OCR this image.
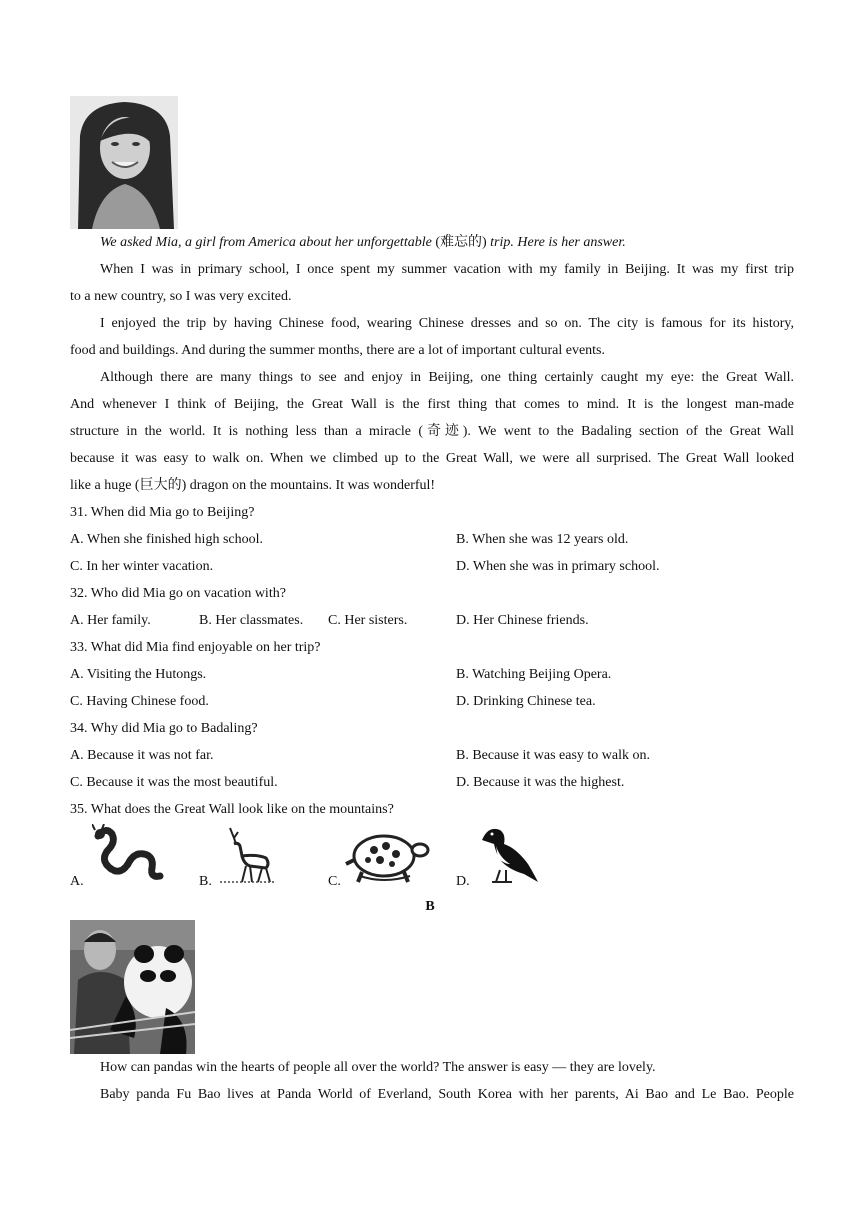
We asked Mia, a girl from America about her unforgettable (难忘的) trip. Here is her answer.
When I was in primary school, I once spent my summer vacation with my family in Beijing. It was my first trip
to a new country, so I was very excited.
I enjoyed the trip by having Chinese food, wearing Chinese dresses and so on. The city is famous for its history,
food and buildings. And during the summer months, there are a lot of important cultural events.
Although there are many things to see and enjoy in Beijing, one thing certainly caught my eye: the Great Wall.
And whenever I think of Beijing, the Great Wall is the first thing that comes to mind. It is the longest man-made
structure in the world. It is nothing less than a miracle (奇迹). We went to the Badaling section of the Great Wall
because it was easy to walk on. When we climbed up to the Great Wall, we were all surprised. The Great Wall looked
like a huge (巨大的) dragon on the mountains. It was wonderful!
31. When did Mia go to Beijing?
A. When she finished high school.	B. When she was 12 years old.
C. In her winter vacation.	D. When she was in primary school.
32. Who did Mia go on vacation with?
A. Her family.	B. Her classmates. C. Her sisters.	D. Her Chinese friends.
33. What did Mia find enjoyable on her trip?
A. Visiting the Hutongs.	B. Watching Beijing Opera.
C. Having Chinese food.	D. Drinking Chinese tea.
34. Why did Mia go to Badaling?
A. Because it was not far.	B. Because it was easy to walk on.
C. Because it was the most beautiful.	D. Because it was the highest.
35. What does the Great Wall look like on the mountains?
A.	B.	C.	D.
B
How can pandas win the hearts of people all over the world? The answer is easy — they are lovely.
Baby panda Fu Bao lives at Panda World of Everland, South Korea with her parents, Ai Bao and Le Bao. People
